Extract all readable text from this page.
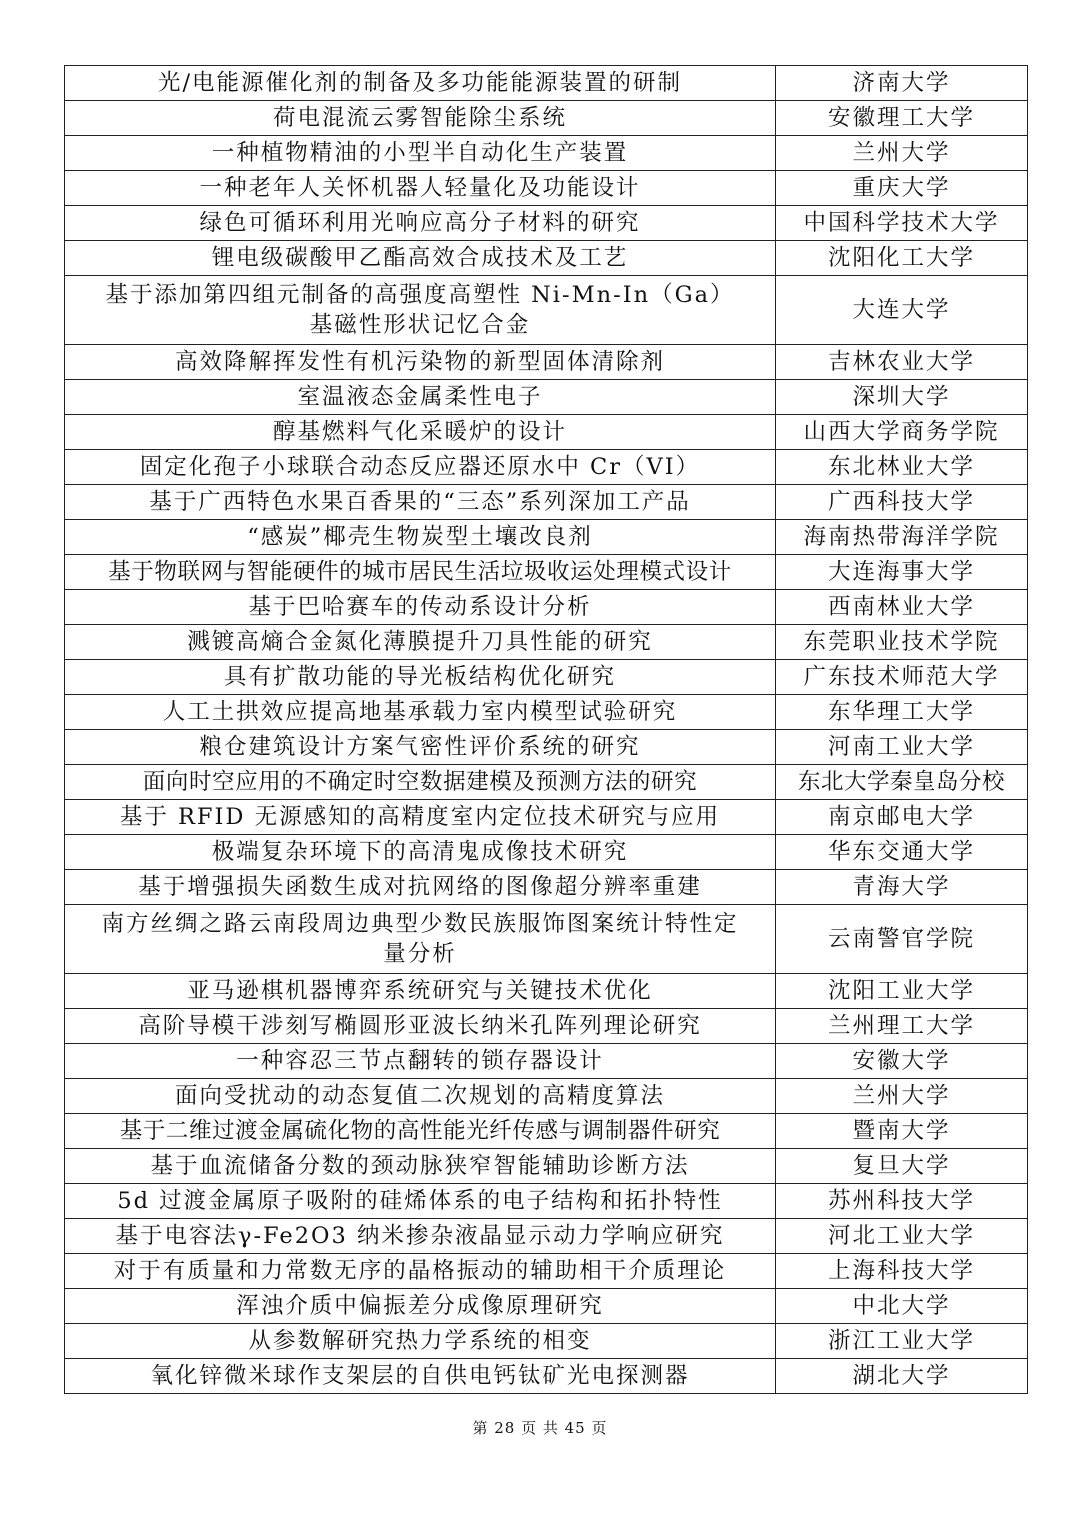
光/电能源催化剂的制备及多功能能源装置的研制	济南大学
荷电混流云雾智能除尘系统	安徽理工大学
一种植物精油的小型半自动化生产装置	兰州大学
一种老年人关怀机器人轻量化及功能设计	重庆大学
绿色可循环利用光响应高分子材料的研究	中国科学技术大学
锂电级碳酸甲乙酯高效合成技术及工艺	沈阳化工大学
基于添加第四组元制备的高强度高塑性 Ni-Mn-In（Ga）基磁性形状记忆合金	大连大学
高效降解挥发性有机污染物的新型固体清除剂	吉林农业大学
室温液态金属柔性电子	深圳大学
醇基燃料气化采暖炉的设计	山西大学商务学院
固定化孢子小球联合动态反应器还原水中 Cr（VI）	东北林业大学
基于广西特色水果百香果的“三态”系列深加工产品	广西科技大学
“感炭”椰壳生物炭型土壤改良剂	海南热带海洋学院
基于物联网与智能硬件的城市居民生活垃圾收运处理模式设计	大连海事大学
基于巴哈赛车的传动系设计分析	西南林业大学
溅镀高熵合金氮化薄膜提升刀具性能的研究	东莞职业技术学院
具有扩散功能的导光板结构优化研究	广东技术师范大学
人工土拱效应提高地基承载力室内模型试验研究	东华理工大学
粮仓建筑设计方案气密性评价系统的研究	河南工业大学
面向时空应用的不确定时空数据建模及预测方法的研究	东北大学秦皇岛分校
基于 RFID 无源感知的高精度室内定位技术研究与应用	南京邮电大学
极端复杂环境下的高清鬼成像技术研究	华东交通大学
基于增强损失函数生成对抗网络的图像超分辨率重建	青海大学
南方丝绸之路云南段周边典型少数民族服饰图案统计特性定量分析	云南警官学院
亚马逊棋机器博弈系统研究与关键技术优化	沈阳工业大学
高阶导模干涉刻写椭圆形亚波长纳米孔阵列理论研究	兰州理工大学
一种容忍三节点翻转的锁存器设计	安徽大学
面向受扰动的动态复值二次规划的高精度算法	兰州大学
基于二维过渡金属硫化物的高性能光纤传感与调制器件研究	暨南大学
基于血流储备分数的颈动脉狭窄智能辅助诊断方法	复旦大学
5d 过渡金属原子吸附的硅烯体系的电子结构和拓扑特性	苏州科技大学
基于电容法γ-Fe2O3 纳米掺杂液晶显示动力学响应研究	河北工业大学
对于有质量和力常数无序的晶格振动的辅助相干介质理论	上海科技大学
浑浊介质中偏振差分成像原理研究	中北大学
从参数解研究热力学系统的相变	浙江工业大学
氧化锌微米球作支架层的自供电钙钛矿光电探测器	湖北大学
第 28 页 共 45 页
